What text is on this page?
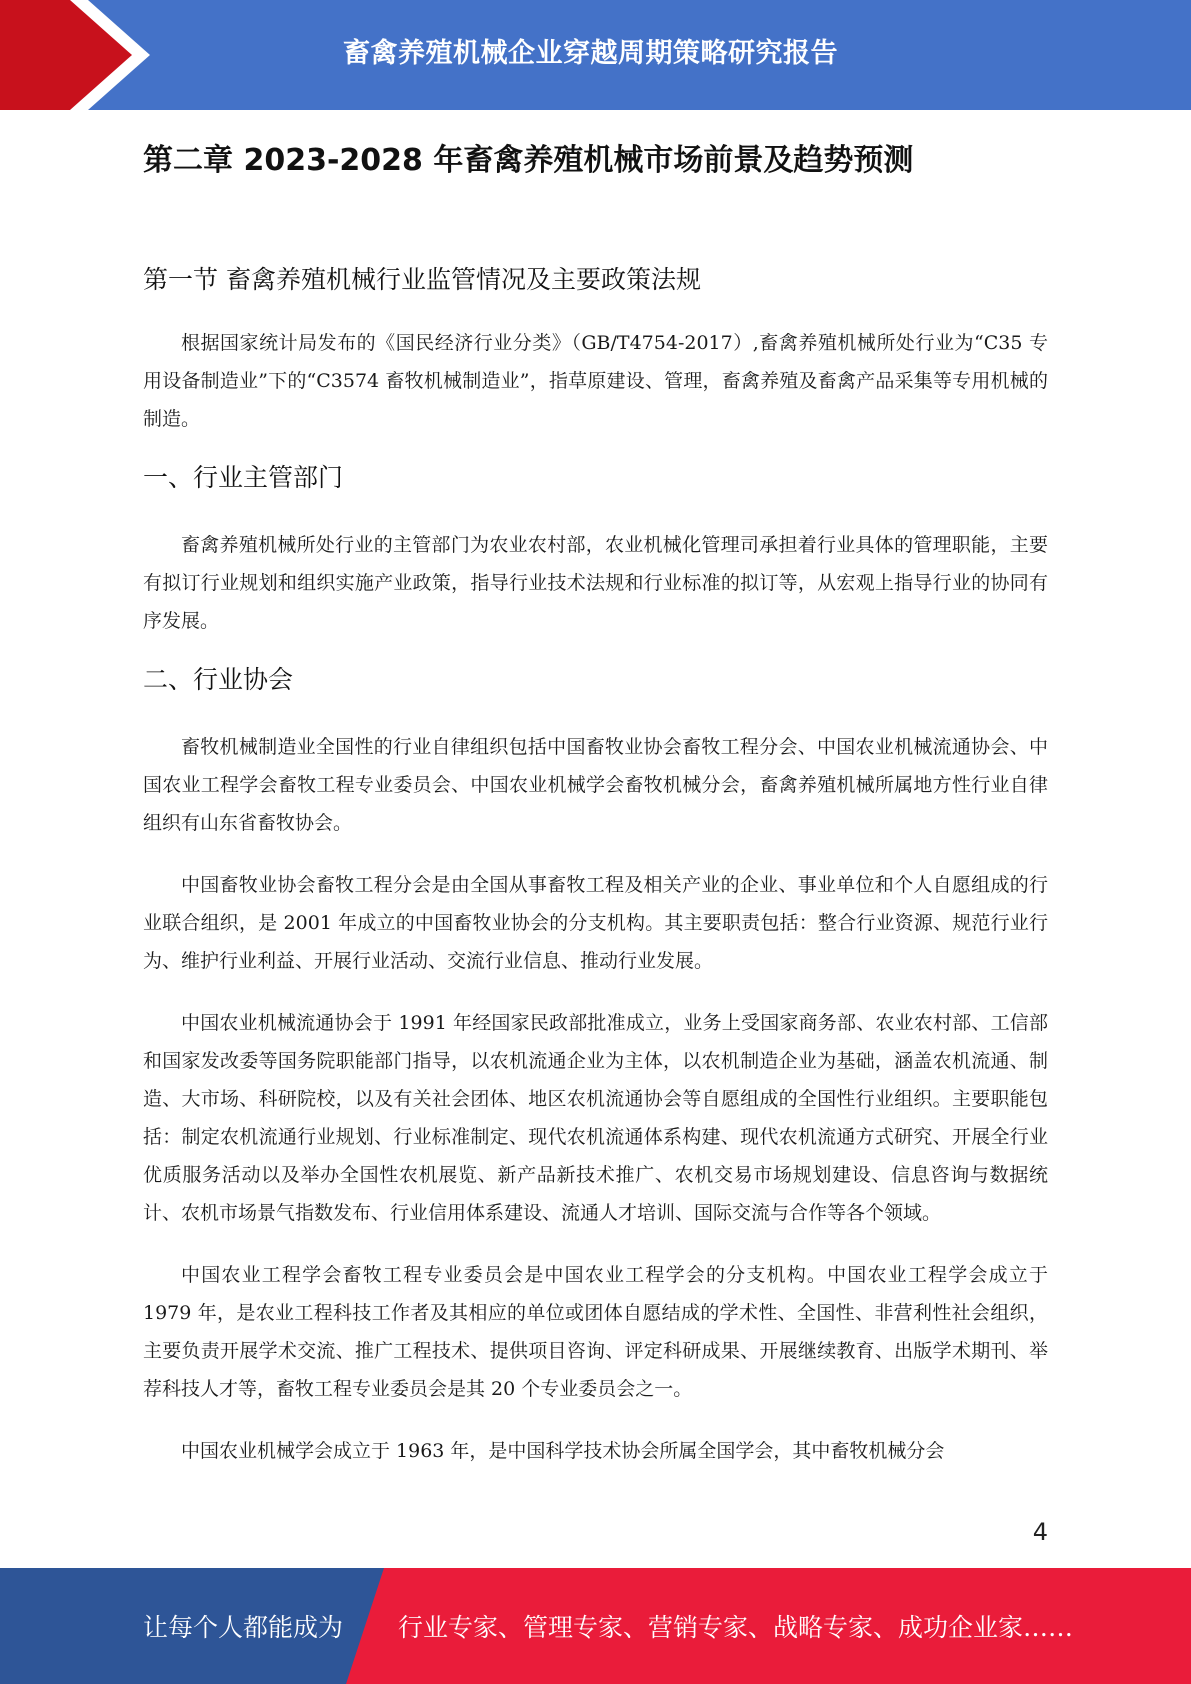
畜禽养殖机械企业穿越周期策略研究报告
第二章 2023-2028 年畜禽养殖机械市场前景及趋势预测
第一节 畜禽养殖机械行业监管情况及主要政策法规

根据国家统计局发布的《国民经济行业分类》（GB/T4754-2017）,畜禽养殖机械所处行业为“C35 专用设备制造业”下的“C3574 畜牧机械制造业”，指草原建设、管理，畜禽养殖及畜禽产品采集等专用机械的制造。

一、行业主管部门

畜禽养殖机械所处行业的主管部门为农业农村部，农业机械化管理司承担着行业具体的管理职能，主要有拟订行业规划和组织实施产业政策，指导行业技术法规和行业标准的拟订等，从宏观上指导行业的协同有序发展。

二、行业协会

畜牧机械制造业全国性的行业自律组织包括中国畜牧业协会畜牧工程分会、中国农业机械流通协会、中国农业工程学会畜牧工程专业委员会、中国农业机械学会畜牧机械分会，畜禽养殖机械所属地方性行业自律组织有山东省畜牧协会。

中国畜牧业协会畜牧工程分会是由全国从事畜牧工程及相关产业的企业、事业单位和个人自愿组成的行业联合组织，是 2001 年成立的中国畜牧业协会的分支机构。其主要职责包括：整合行业资源、规范行业行为、维护行业利益、开展行业活动、交流行业信息、推动行业发展。

中国农业机械流通协会于 1991 年经国家民政部批准成立，业务上受国家商务部、农业农村部、工信部和国家发改委等国务院职能部门指导，以农机流通企业为主体，以农机制造企业为基础，涵盖农机流通、制造、大市场、科研院校，以及有关社会团体、地区农机流通协会等自愿组成的全国性行业组织。主要职能包括：制定农机流通行业规划、行业标准制定、现代农机流通体系构建、现代农机流通方式研究、开展全行业优质服务活动以及举办全国性农机展览、新产品新技术推广、农机交易市场规划建设、信息咨询与数据统计、农机市场景气指数发布、行业信用体系建设、流通人才培训、国际交流与合作等各个领域。

中国农业工程学会畜牧工程专业委员会是中国农业工程学会的分支机构。中国农业工程学会成立于 1979 年，是农业工程科技工作者及其相应的单位或团体自愿结成的学术性、全国性、非营利性社会组织，主要负责开展学术交流、推广工程技术、提供项目咨询、评定科研成果、开展继续教育、出版学术期刊、举荐科技人才等，畜牧工程专业委员会是其 20 个专业委员会之一。

中国农业机械学会成立于 1963 年，是中国科学技术协会所属全国学会，其中畜牧机械分会

4
让每个人都能成为 行业专家、管理专家、营销专家、战略专家、成功企业家……
